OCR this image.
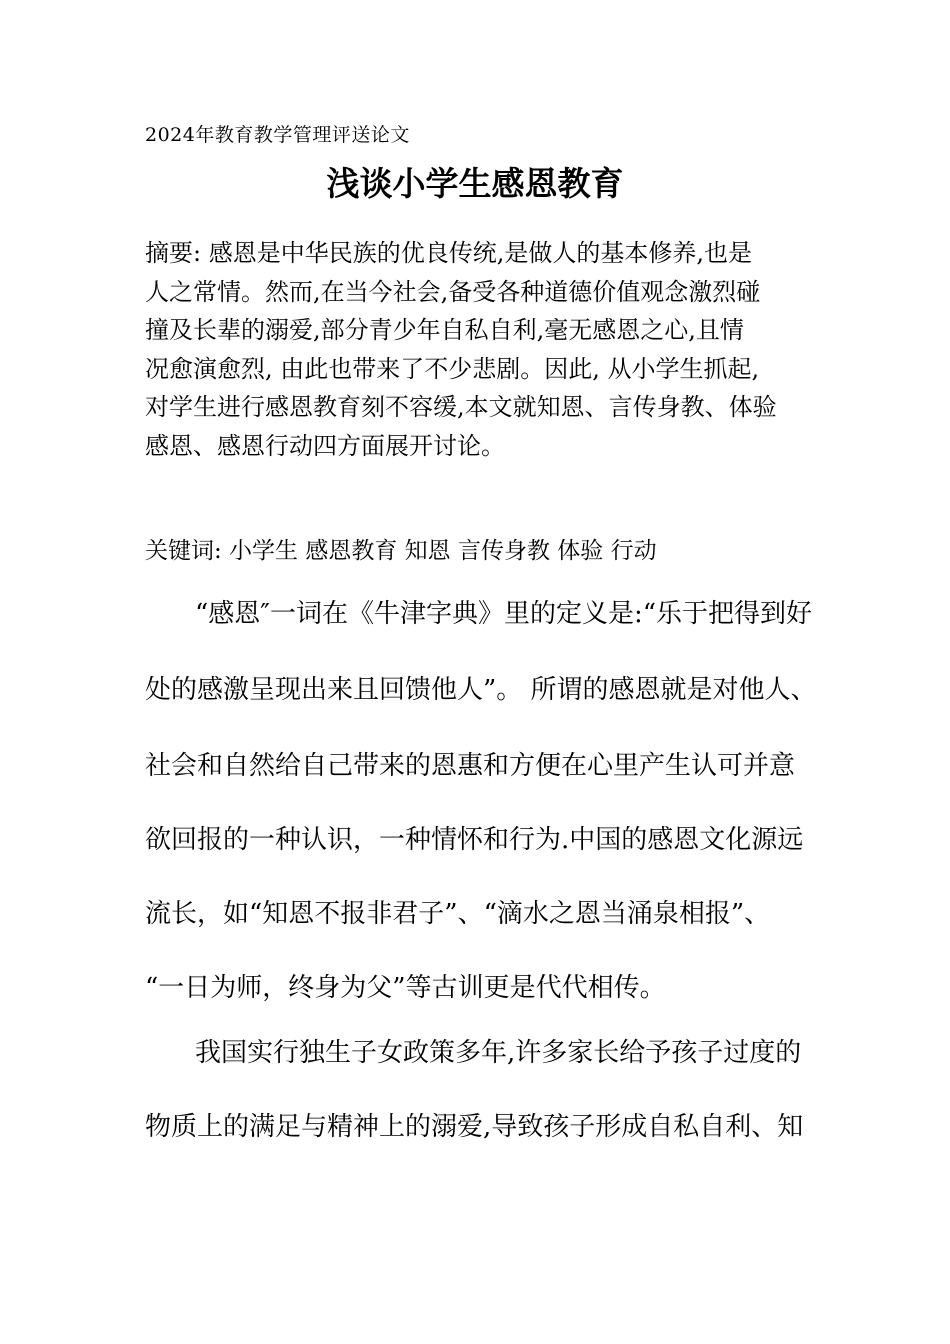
2024年教育教学管理评送论文
浅谈小学生感恩教育
摘要: 感恩是中华民族的优良传统,是做人的基本修养,也是
人之常情。然而,在当今社会,备受各种道德价值观念激烈碰
撞及长辈的溺爱,部分青少年自私自利,毫无感恩之心,且情
况愈演愈烈, 由此也带来了不少悲剧。因此, 从小学生抓起,
对学生进行感恩教育刻不容缓,本文就知恩、言传身教、体验
感恩、感恩行动四方面展开讨论。
关键词: 小学生 感恩教育 知恩 言传身教 体验 行动
“感恩″一词在《牛津字典》里的定义是:“乐于把得到好
处的感激呈现出来且回馈他人”。 所谓的感恩就是对他人、
社会和自然给自己带来的恩惠和方便在心里产生认可并意
欲回报的一种认识，一种情怀和行为.中国的感恩文化源远
流长，如“知恩不报非君子”、“滴水之恩当涌泉相报”、
“一日为师，终身为父”等古训更是代代相传。
我国实行独生子女政策多年,许多家长给予孩子过度的
物质上的满足与精神上的溺爱,导致孩子形成自私自利、知
